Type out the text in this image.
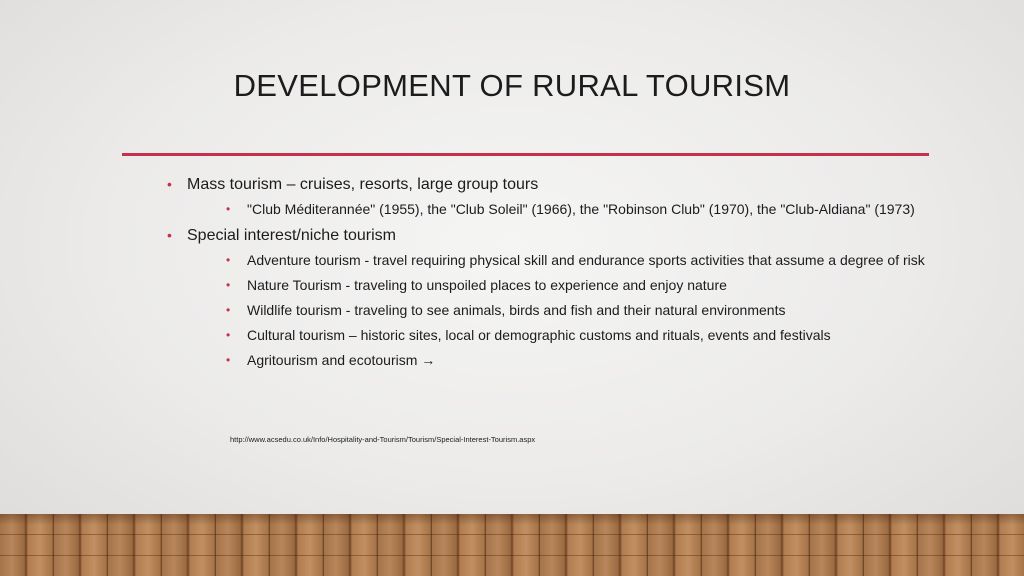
DEVELOPMENT OF RURAL TOURISM
• Mass tourism – cruises, resorts, large group tours
• "Club Méditerannée" (1955), the "Club Soleil" (1966), the "Robinson Club" (1970), the "Club-Aldiana" (1973)
• Special interest/niche tourism
• Adventure tourism - travel requiring physical skill and endurance sports activities that assume a degree of risk
• Nature Tourism - traveling to unspoiled places to experience and enjoy nature
• Wildlife tourism - traveling to see animals, birds and fish and their natural environments
• Cultural tourism – historic sites, local or demographic customs and rituals, events and festivals
• Agritourism and ecotourism →
http://www.acsedu.co.uk/Info/Hospitality-and-Tourism/Tourism/Special-Interest-Tourism.aspx
